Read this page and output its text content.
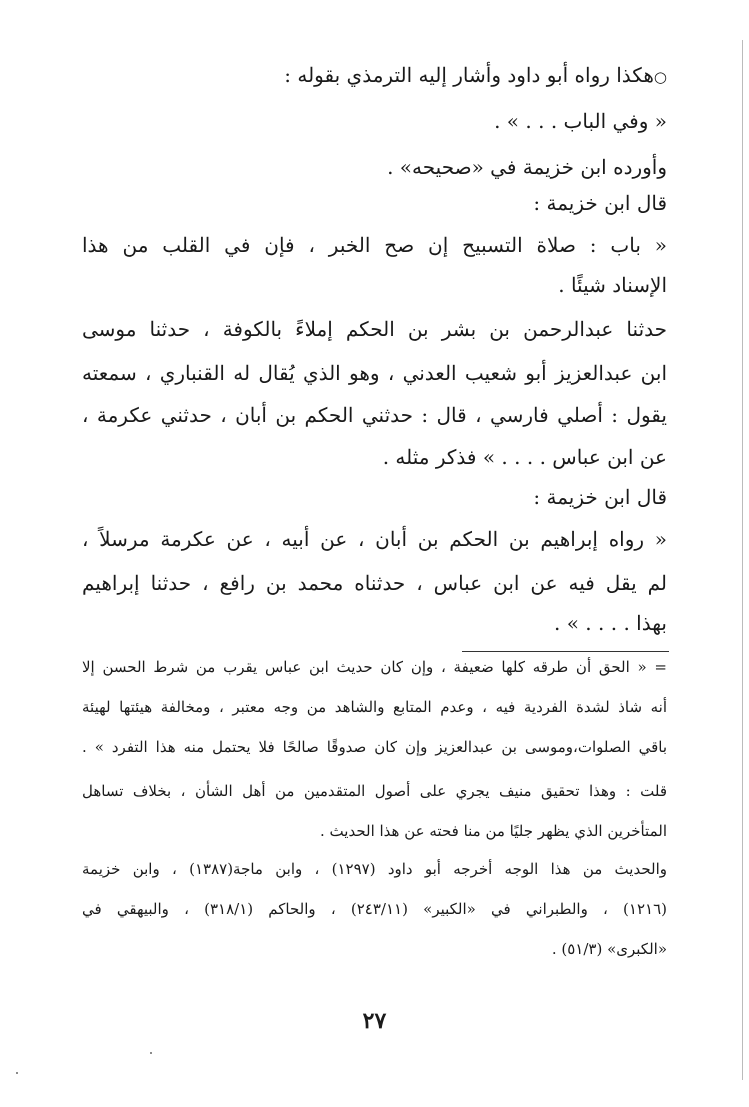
○هكذا رواه أبو داود وأشار إليه الترمذي بقوله :
« وفي الباب . . . » .
وأورده ابن خزيمة في «صحيحه» .
قال ابن خزيمة :
« باب : صلاة التسبيح إن صح الخبر ، فإن في القلب من هذا
الإسناد شيئًا .
حدثنا عبدالرحمن بن بشر بن الحكم إملاءً بالكوفة ، حدثنا موسى
ابن عبدالعزيز أبو شعيب العدني ، وهو الذي يُقال له القنباري ، سمعته
يقول : أصلي فارسي ، قال : حدثني الحكم بن أبان ، حدثني عكرمة ،
عن ابن عباس . . . . » فذكر مثله .
قال ابن خزيمة :
« رواه إبراهيم بن الحكم بن أبان ، عن أبيه ، عن عكرمة مرسلاً ،
لم يقل فيه عن ابن عباس ، حدثناه محمد بن رافع ، حدثنا إبراهيم
بهذا . . . . » .
= « الحق أن طرقه كلها ضعيفة ، وإن كان حديث ابن عباس يقرب من شرط الحسن إلا
أنه شاذ لشدة الفردية فيه ، وعدم المتابع والشاهد من وجه معتبر ، ومخالفة هيئتها لهيئة
باقي الصلوات،وموسى بن عبدالعزيز وإن كان صدوقًا صالحًا فلا يحتمل منه هذا التفرد » .
قلت : وهذا تحقيق منيف يجري على أصول المتقدمين من أهل الشأن ، بخلاف تساهل
المتأخرين الذي يظهر جليًا من منا فحته عن هذا الحديث .
والحديث من هذا الوجه أخرجه أبو داود (١٢٩٧) ، وابن ماجة(١٣٨٧) ، وابن خزيمة
(١٢١٦) ، والطبراني في «الكبير» (٢٤٣/١١) ، والحاكم (٣١٨/١) ، والبيهقي في
«الكبرى» (٥١/٣) .
٢٧
